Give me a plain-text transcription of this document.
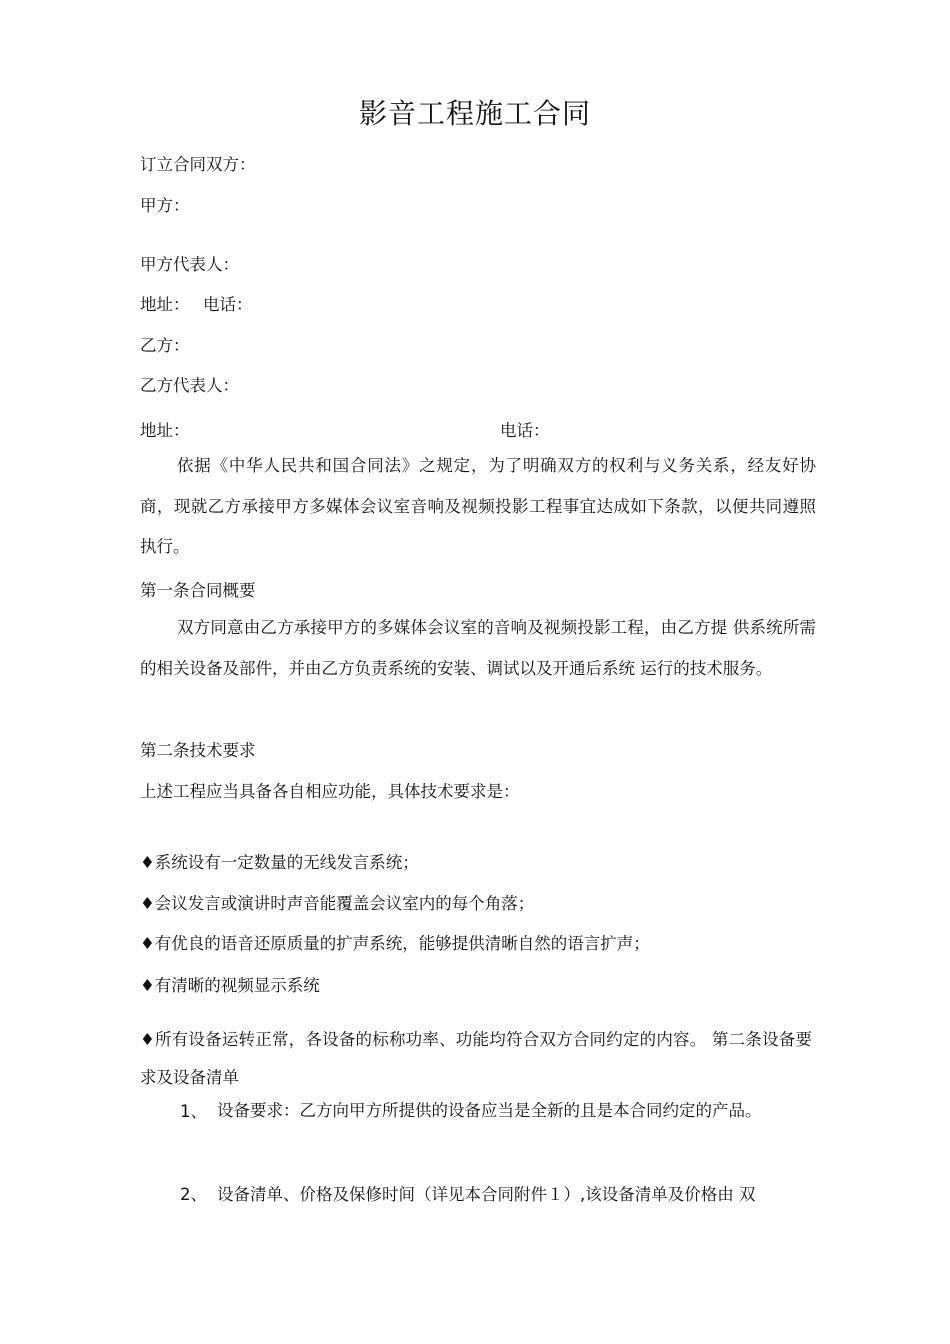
影音工程施工合同
订立合同双方：
甲方：
甲方代表人：
地址： 电话：
乙方：
乙方代表人：
地址：	电话：
依据《中华人民共和国合同法》之规定，为了明确双方的权利与义务关系，经友好协商，现就乙方承接甲方多媒体会议室音响及视频投影工程事宜达成如下条款，以便共同遵照执行。
第一条合同概要
双方同意由乙方承接甲方的多媒体会议室的音响及视频投影工程，由乙方提 供系统所需的相关设备及部件，并由乙方负责系统的安装、调试以及开通后系统 运行的技术服务。
第二条技术要求
上述工程应当具备各自相应功能，具体技术要求是：
♦系统设有一定数量的无线发言系统；
♦会议发言或演讲时声音能覆盖会议室内的每个角落；
♦有优良的语音还原质量的扩声系统，能够提供清晰自然的语言扩声；
♦有清晰的视频显示系统
♦所有设备运转正常，各设备的标称功率、功能均符合双方合同约定的内容。 第二条设备要求及设备清单
1、 设备要求：乙方向甲方所提供的设备应当是全新的且是本合同约定的产品。
2、 设备清单、价格及保修时间（详见本合同附件１）,该设备清单及价格由 双
